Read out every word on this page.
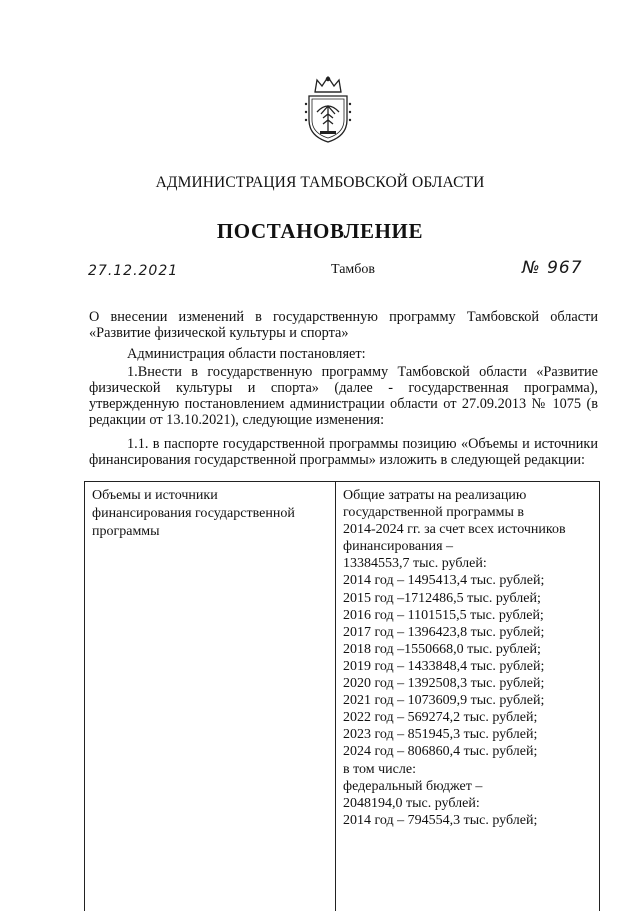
АДМИНИСТРАЦИЯ ТАМБОВСКОЙ ОБЛАСТИ
ПОСТАНОВЛЕНИЕ
27.12.2021	Тамбов	№ 967

О внесении изменений в государственную программу Тамбовской области «Развитие физической культуры и спорта»

Администрация области постановляет:

1.Внести в государственную программу Тамбовской области «Развитие физической культуры и спорта» (далее - государственная программа), утвержденную постановлением администрации области от 27.09.2013 № 1075 (в редакции от 13.10.2021), следующие изменения:

1.1. в паспорте государственной программы позицию «Объемы и источники финансирования государственной программы» изложить в следующей редакции:

Объемы и источники
финансирования государственной
программы
Общие затраты на реализацию
государственной программы в
2014-2024 гг. за счет всех источников
финансирования –
13384553,7 тыс. рублей:
2014 год – 1495413,4 тыс. рублей;
2015 год –1712486,5 тыс. рублей;
2016 год – 1101515,5 тыс. рублей;
2017 год – 1396423,8 тыс. рублей;
2018 год –1550668,0 тыс. рублей;
2019 год – 1433848,4 тыс. рублей;
2020 год – 1392508,3 тыс. рублей;
2021 год – 1073609,9 тыс. рублей;
2022 год – 569274,2 тыс. рублей;
2023 год – 851945,3 тыс. рублей;
2024 год – 806860,4 тыс. рублей;
в том числе:
федеральный бюджет –
2048194,0 тыс. рублей:
2014 год – 794554,3 тыс. рублей;
